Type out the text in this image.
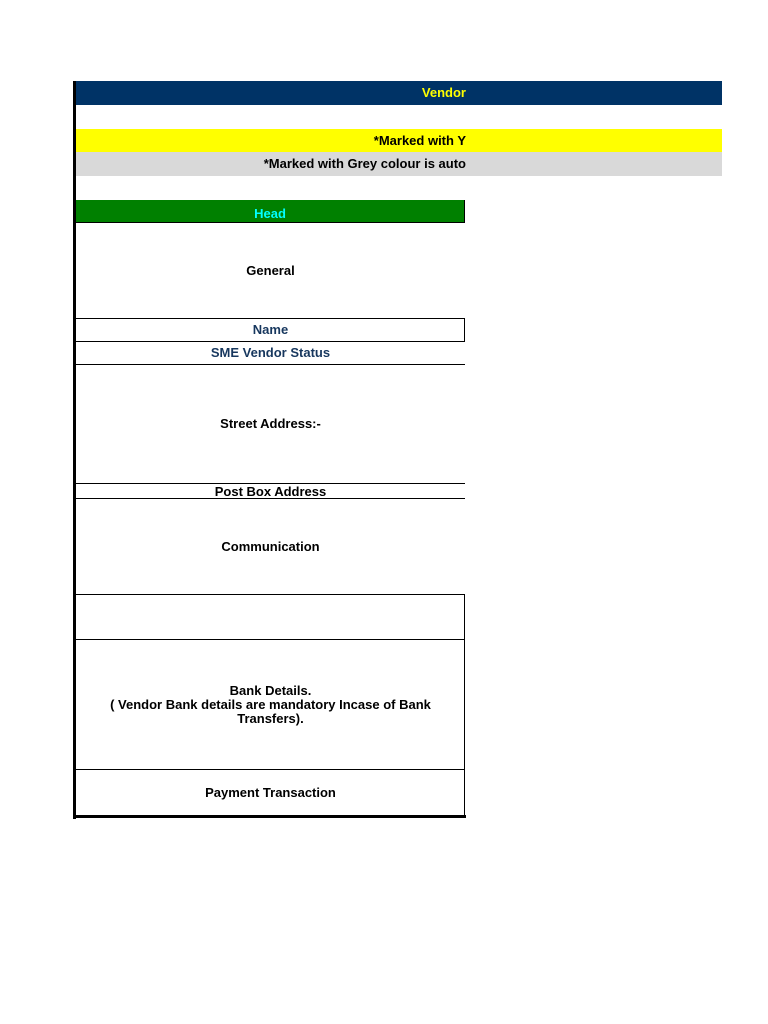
Vendor
*Marked with Y
*Marked with Grey colour is auto
Head
General
Name
SME Vendor Status
Street Address:-
Post Box Address
Communication
Bank Details.
( Vendor Bank details are mandatory Incase of Bank Transfers).
Payment Transaction
